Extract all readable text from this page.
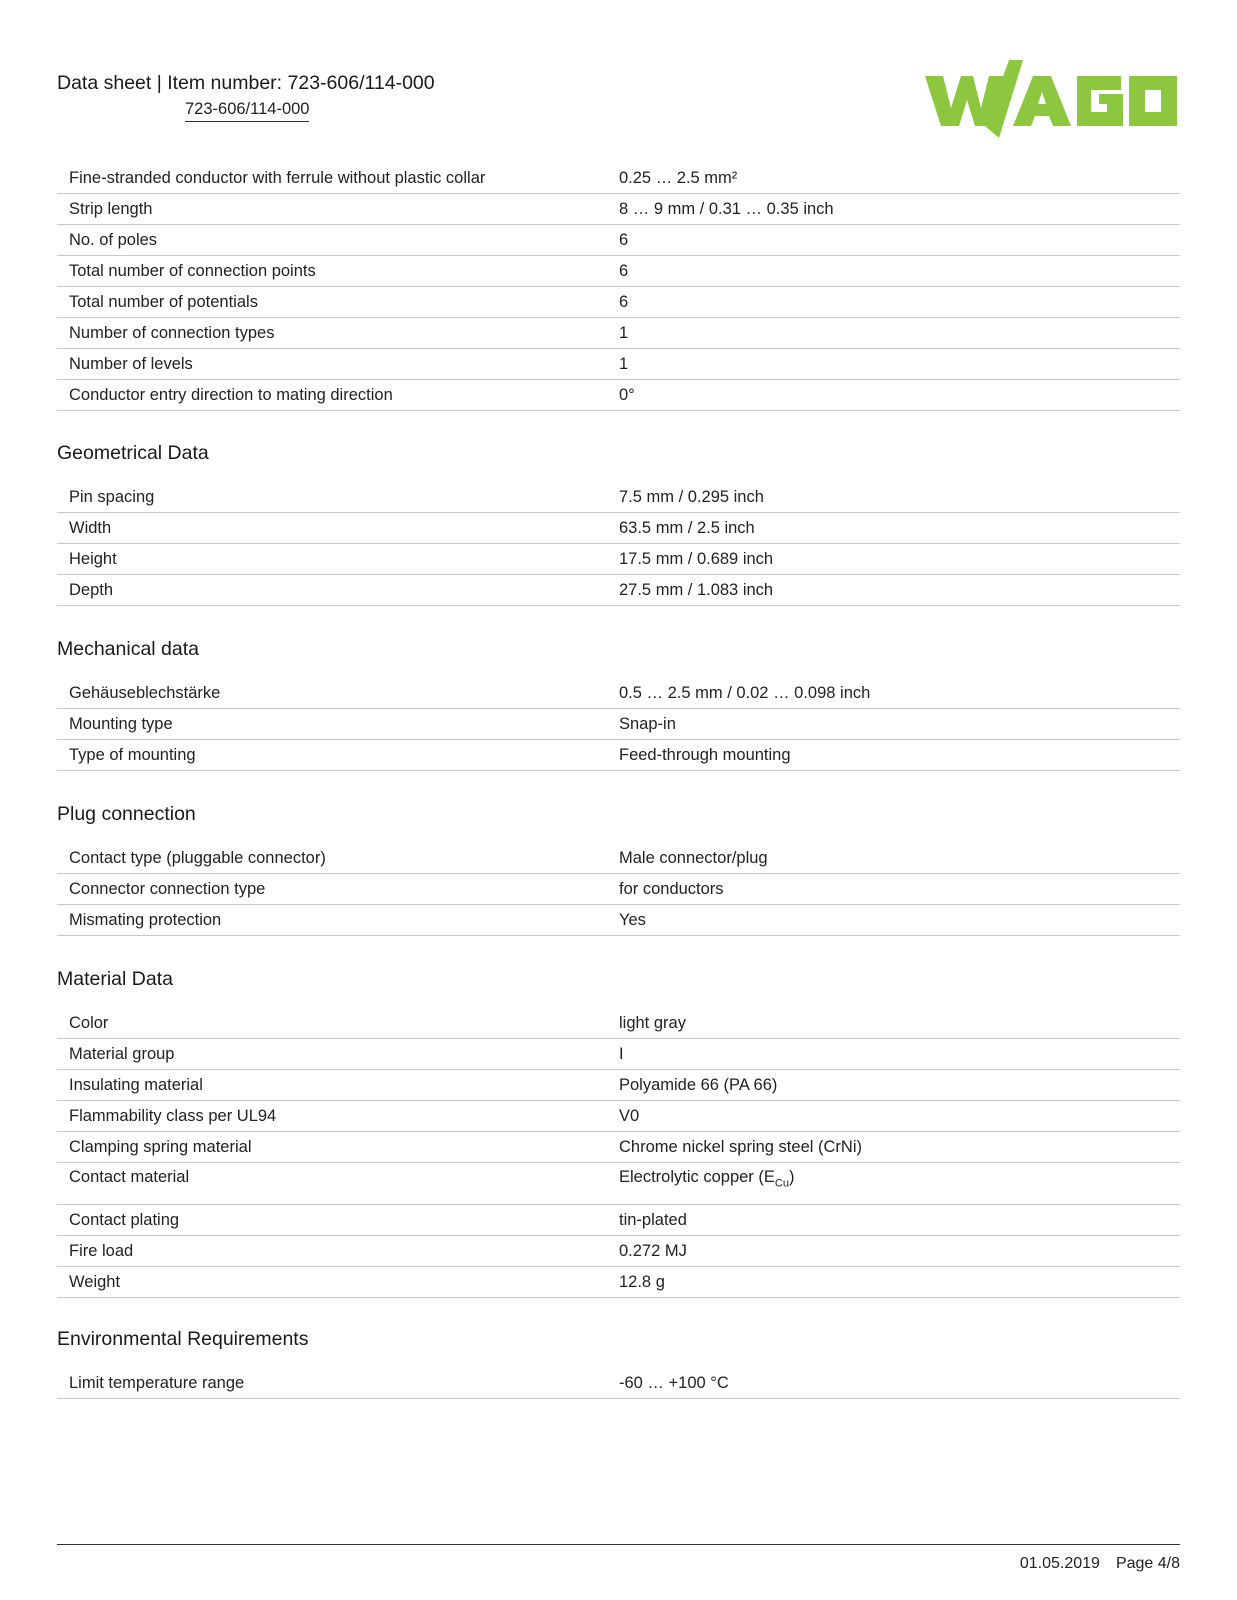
Data sheet | Item number: 723-606/114-000
723-606/114-000
Fine-stranded conductor with ferrule without plastic collar	0.25 … 2.5 mm²
Strip length	8 … 9 mm / 0.31 … 0.35 inch
No. of poles	6
Total number of connection points	6
Total number of potentials	6
Number of connection types	1
Number of levels	1
Conductor entry direction to mating direction	0°
Geometrical Data
Pin spacing	7.5 mm / 0.295 inch
Width	63.5 mm / 2.5 inch
Height	17.5 mm / 0.689 inch
Depth	27.5 mm / 1.083 inch
Mechanical data
Gehäuseblechstärke	0.5 … 2.5 mm / 0.02 … 0.098 inch
Mounting type	Snap-in
Type of mounting	Feed-through mounting
Plug connection
Contact type (pluggable connector)	Male connector/plug
Connector connection type	for conductors
Mismating protection	Yes
Material Data
Color	light gray
Material group	I
Insulating material	Polyamide 66 (PA 66)
Flammability class per UL94	V0
Clamping spring material	Chrome nickel spring steel (CrNi)
Contact material	Electrolytic copper $(E_{Cu})$
Contact plating	tin-plated
Fire load	0.272 MJ
Weight	12.8 g
Environmental Requirements
Limit temperature range	-60 … +100 °C
01.05.2019 Page 4/8
